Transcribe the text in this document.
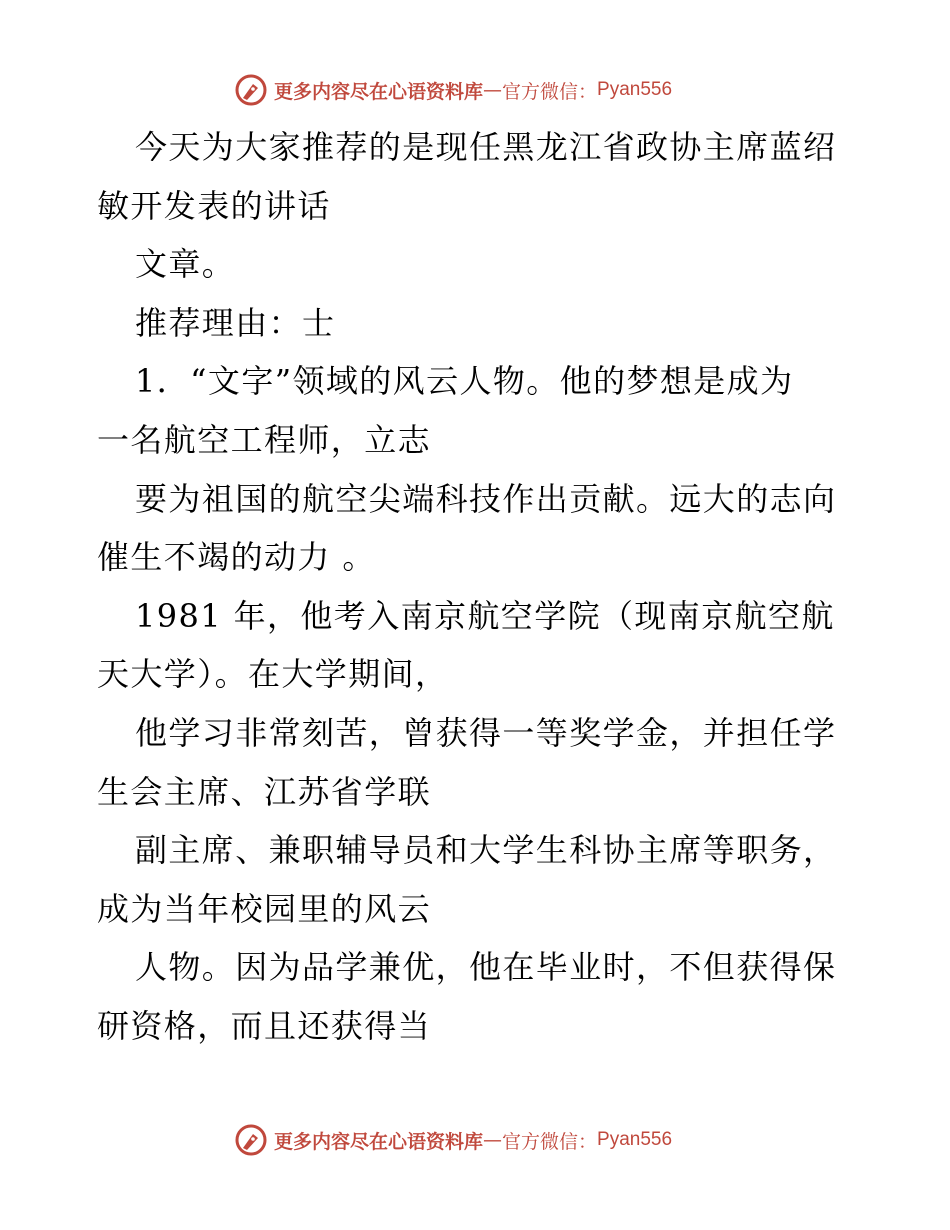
更多内容尽在心语资料库 — 官方微信： Pyan556
今天为大家推荐的是现任黑龙江省政协主席蓝绍
敏开发表的讲话
文章。
推荐理由：士
1．“文字”领域的风云人物。他的梦想是成为
一名航空工程师，立志
要为祖国的航空尖端科技作出贡献。远大的志向
催生不竭的动力 。
1981 年，他考入南京航空学院（现南京航空航
天大学）。在大学期间，
他学习非常刻苦，曾获得一等奖学金，并担任学
生会主席、江苏省学联
副主席、兼职辅导员和大学生科协主席等职务，
成为当年校园里的风云
人物。因为品学兼优，他在毕业时，不但获得保
研资格，而且还获得当
更多内容尽在心语资料库 — 官方微信： Pyan556
